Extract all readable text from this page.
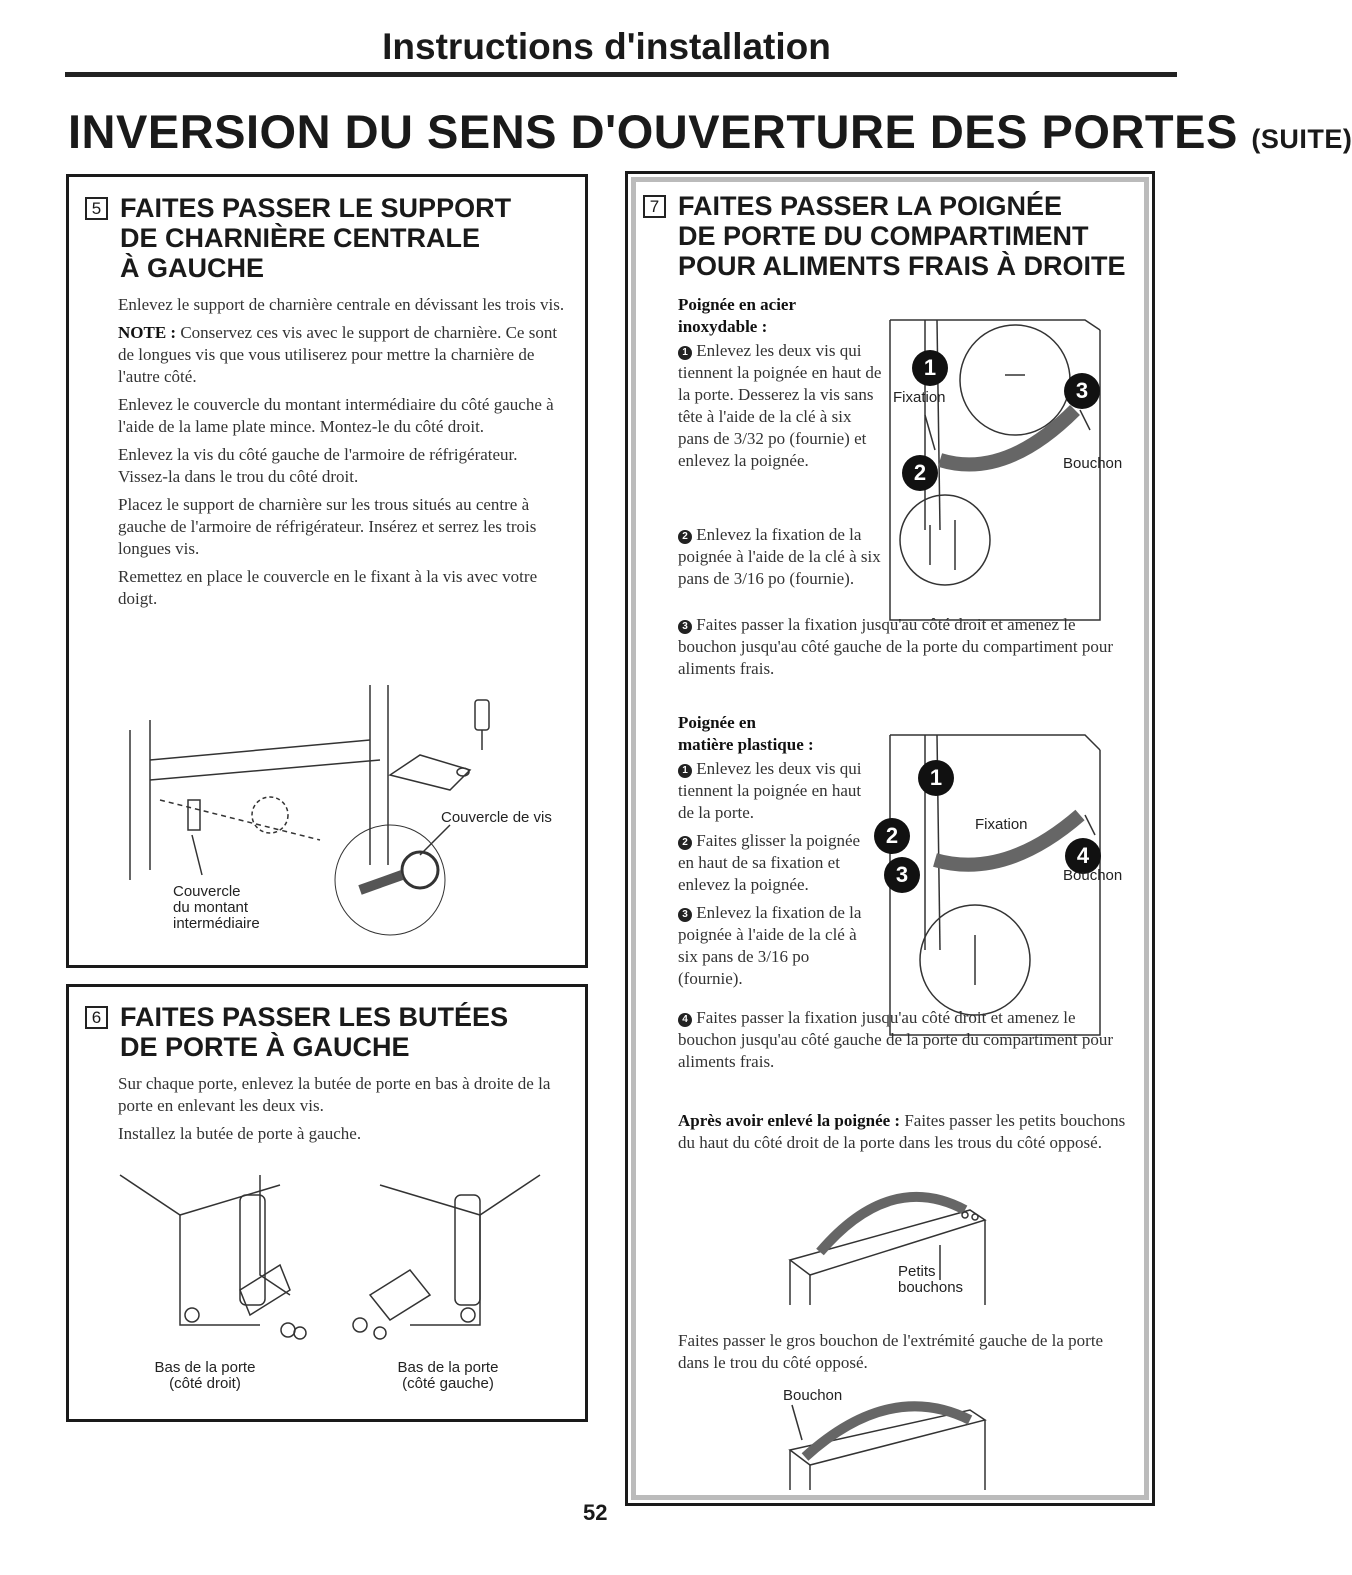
Instructions d'installation
INVERSION DU SENS D'OUVERTURE DES PORTES (SUITE)
5 FAITES PASSER LE SUPPORT
DE CHARNIÈRE CENTRALE
À GAUCHE

Enlevez le support de charnière centrale en dévissant les trois vis.

NOTE : Conservez ces vis avec le support de charnière. Ce sont de longues vis que vous utiliserez pour mettre la charnière de l'autre côté.

Enlevez le couvercle du montant intermédiaire du côté gauche à l'aide de la lame plate mince. Montez-le du côté droit.

Enlevez la vis du côté gauche de l'armoire de réfrigérateur. Vissez-la dans le trou du côté droit.

Placez le support de charnière sur les trous situés au centre à gauche de l'armoire de réfrigérateur. Insérez et serrez les trois longues vis.

Remettez en place le couvercle en le fixant à la vis avec votre doigt.

Couvercle de vis
Couvercle
du montant
intermédiaire
6 FAITES PASSER LES BUTÉES
DE PORTE À GAUCHE

Sur chaque porte, enlevez la butée de porte en bas à droite de la porte en enlevant les deux vis.

Installez la butée de porte à gauche.

Bas de la porte
(côté droit)
Bas de la porte
(côté gauche)
7 FAITES PASSER LA POIGNÉE
DE PORTE DU COMPARTIMENT
POUR ALIMENTS FRAIS À DROITE

Poignée en acier
inoxydable :

1 Enlevez les deux vis qui tiennent la poignée en haut de la porte. Desserez la vis sans tête à l'aide de la clé à six pans de 3/32 po (fournie) et enlevez la poignée.

2 Enlevez la fixation de la poignée à l'aide de la clé à six pans de 3/16 po (fournie).

3 Faites passer la fixation jusqu'au côté droit et amenez le bouchon jusqu'au côté gauche de la porte du compartiment pour aliments frais.

1
3
2
Fixation
Bouchon

Poignée en
matière plastique :

1 Enlevez les deux vis qui tiennent la poignée en haut de la porte.

2 Faites glisser la poignée en haut de sa fixation et enlevez la poignée.

3 Enlevez la fixation de la poignée à l'aide de la clé à six pans de 3/16 po (fournie).

4 Faites passer la fixation jusqu'au côté droit et amenez le bouchon jusqu'au côté gauche de la porte du compartiment pour aliments frais.

1
4
2
3
Fixation
Bouchon

Après avoir enlevé la poignée : Faites passer les petits bouchons du haut du côté droit de la porte dans les trous du côté opposé.

Petits
bouchons

Faites passer le gros bouchon de l'extrémité gauche de la porte dans le trou du côté opposé.

Bouchon
52
